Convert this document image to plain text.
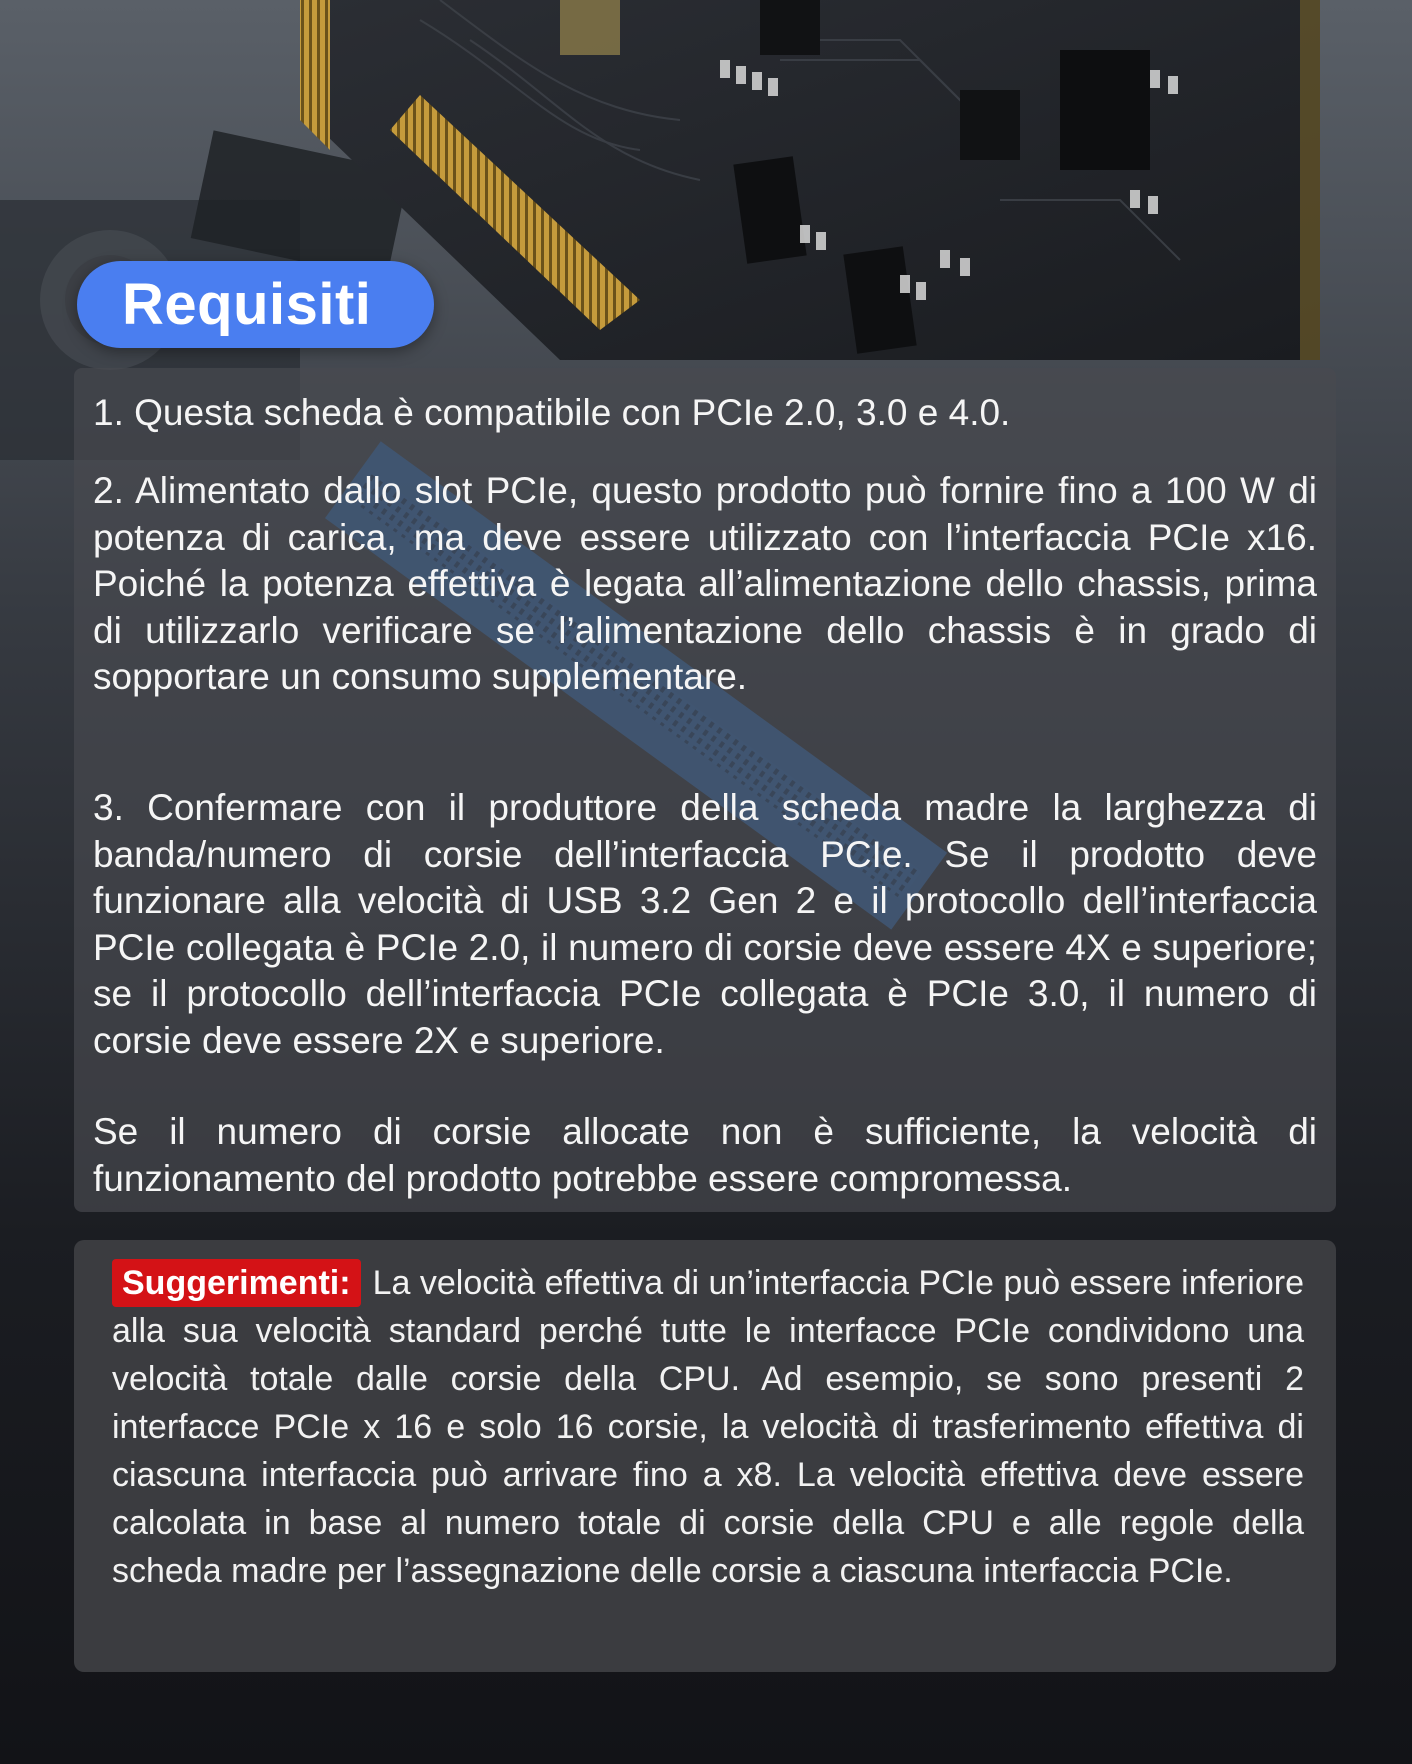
Requisiti

1. Questa scheda è compatibile con PCIe 2.0, 3.0 e 4.0.

2. Alimentato dallo slot PCIe, questo prodotto può fornire fino a 100 W di potenza di carica, ma deve essere utilizzato con l’interfaccia PCIe x16. Poiché la potenza effettiva è legata all’alimentazione dello chassis, prima di utilizzarlo verificare se l’alimentazione dello chassis è in grado di sopportare un consumo supplementare.

3. Confermare con il produttore della scheda madre la larghezza di banda/numero di corsie dell’interfaccia PCIe. Se il prodotto deve funzionare alla velocità di USB 3.2 Gen 2 e il protocollo dell’interfaccia PCIe collegata è PCIe 2.0, il numero di corsie deve essere 4X e superiore; se il protocollo dell’interfaccia PCIe collegata è PCIe 3.0, il numero di corsie deve essere 2X e superiore.

Se il numero di corsie allocate non è sufficiente, la velocità di funzionamento del prodotto potrebbe essere compromessa.

Suggerimenti: La velocità effettiva di un’interfaccia PCIe può essere inferiore alla sua velocità standard perché tutte le interfacce PCIe condividono una velocità totale dalle corsie della CPU. Ad esempio, se sono presenti 2 interfacce PCIe x 16 e solo 16 corsie, la velocità di trasferimento effettiva di ciascuna interfaccia può arrivare fino a x8. La velocità effettiva deve essere calcolata in base al numero totale di corsie della CPU e alle regole della scheda madre per l’assegnazione delle corsie a ciascuna interfaccia PCIe.
